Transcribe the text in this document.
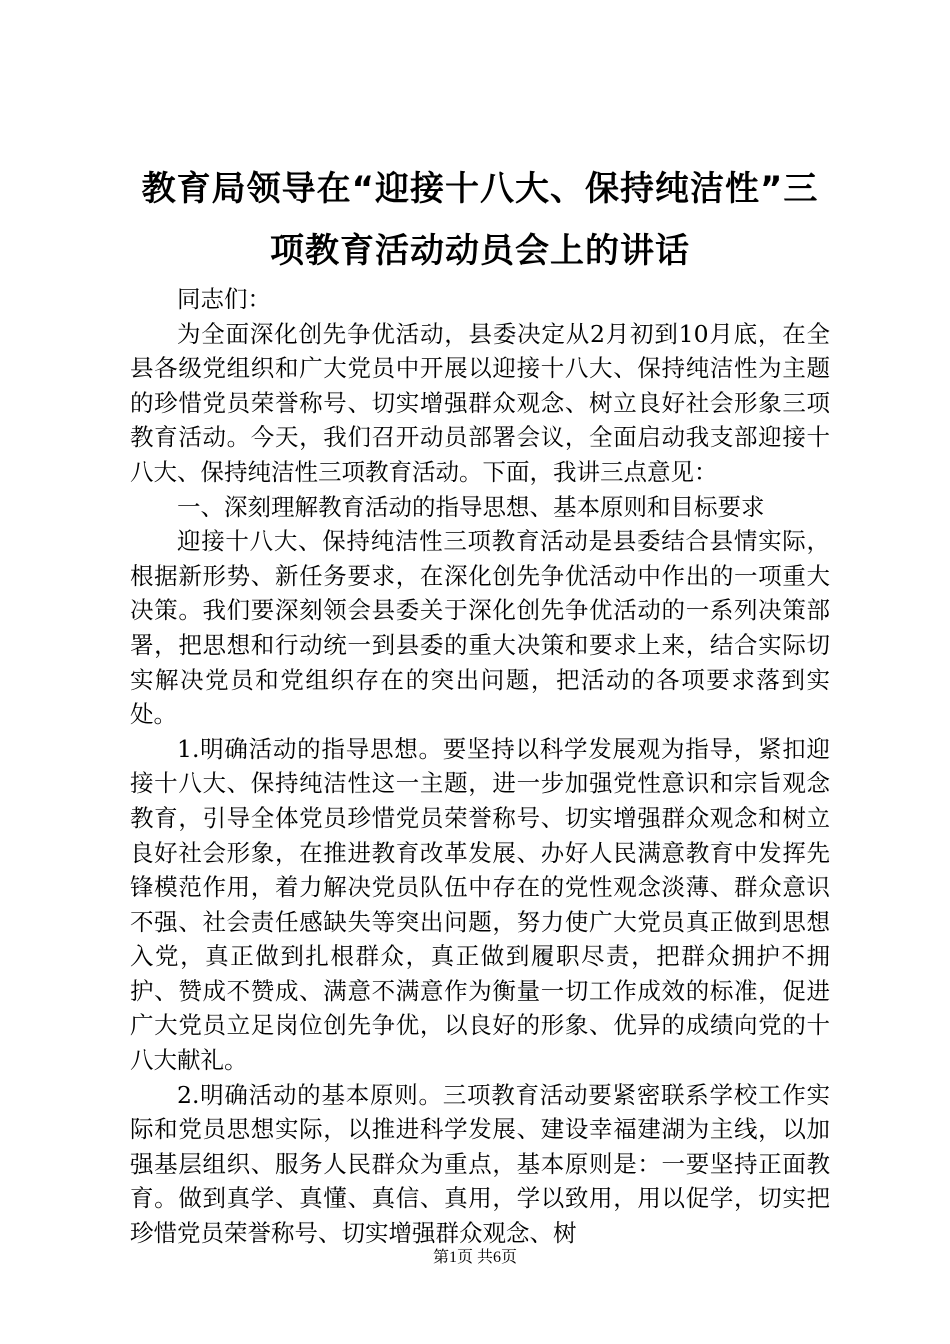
教育局领导在“迎接十八大、保持纯洁性”三项教育活动动员会上的讲话

同志们：

为全面深化创先争优活动，县委决定从2月初到10月底，在全县各级党组织和广大党员中开展以迎接十八大、保持纯洁性为主题的珍惜党员荣誉称号、切实增强群众观念、树立良好社会形象三项教育活动。今天，我们召开动员部署会议，全面启动我支部迎接十八大、保持纯洁性三项教育活动。下面，我讲三点意见：

一、深刻理解教育活动的指导思想、基本原则和目标要求

迎接十八大、保持纯洁性三项教育活动是县委结合县情实际，根据新形势、新任务要求，在深化创先争优活动中作出的一项重大决策。我们要深刻领会县委关于深化创先争优活动的一系列决策部署，把思想和行动统一到县委的重大决策和要求上来，结合实际切实解决党员和党组织存在的突出问题，把活动的各项要求落到实处。

1.明确活动的指导思想。要坚持以科学发展观为指导，紧扣迎接十八大、保持纯洁性这一主题，进一步加强党性意识和宗旨观念教育，引导全体党员珍惜党员荣誉称号、切实增强群众观念和树立良好社会形象，在推进教育改革发展、办好人民满意教育中发挥先锋模范作用，着力解决党员队伍中存在的党性观念淡薄、群众意识不强、社会责任感缺失等突出问题，努力使广大党员真正做到思想入党，真正做到扎根群众，真正做到履职尽责，把群众拥护不拥护、赞成不赞成、满意不满意作为衡量一切工作成效的标准，促进广大党员立足岗位创先争优，以良好的形象、优异的成绩向党的十八大献礼。

2.明确活动的基本原则。三项教育活动要紧密联系学校工作实际和党员思想实际，以推进科学发展、建设幸福建湖为主线，以加强基层组织、服务人民群众为重点，基本原则是：一要坚持正面教育。做到真学、真懂、真信、真用，学以致用，用以促学，切实把珍惜党员荣誉称号、切实增强群众观念、树

第1页 共6页
